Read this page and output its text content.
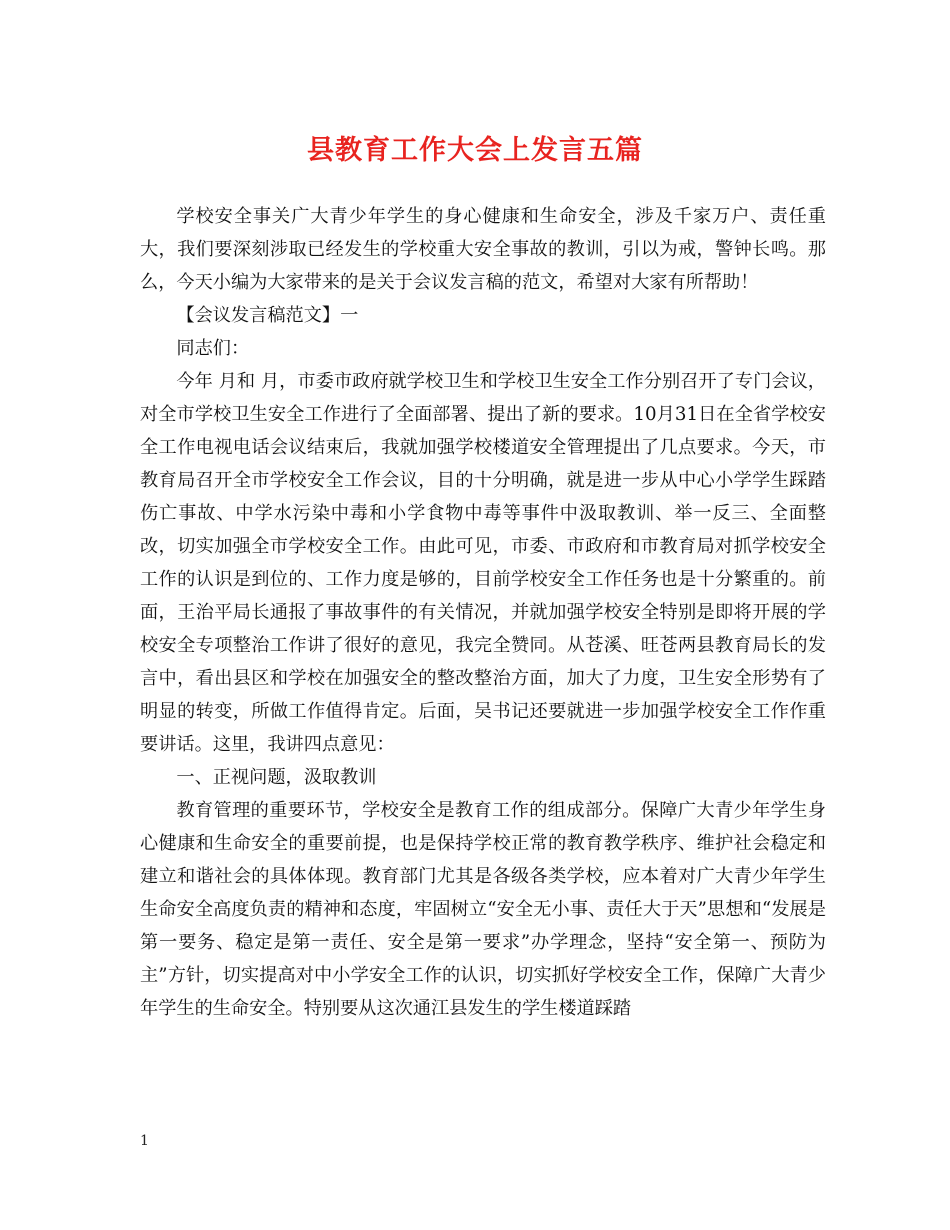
县教育工作大会上发言五篇

学校安全事关广大青少年学生的身心健康和生命安全，涉及千家万户、责任重大，我们要深刻涉取已经发生的学校重大安全事故的教训，引以为戒，警钟长鸣。那么，今天小编为大家带来的是关于会议发言稿的范文，希望对大家有所帮助！

【会议发言稿范文】一

同志们：

今年 月和 月，市委市政府就学校卫生和学校卫生安全工作分别召开了专门会议，对全市学校卫生安全工作进行了全面部署、提出了新的要求。10月31日在全省学校安全工作电视电话会议结束后，我就加强学校楼道安全管理提出了几点要求。今天，市教育局召开全市学校安全工作会议，目的十分明确，就是进一步从中心小学学生踩踏伤亡事故、中学水污染中毒和小学食物中毒等事件中汲取教训、举一反三、全面整改，切实加强全市学校安全工作。由此可见，市委、市政府和市教育局对抓学校安全工作的认识是到位的、工作力度是够的，目前学校安全工作任务也是十分繁重的。前面，王治平局长通报了事故事件的有关情况，并就加强学校安全特别是即将开展的学校安全专项整治工作讲了很好的意见，我完全赞同。从苍溪、旺苍两县教育局长的发言中，看出县区和学校在加强安全的整改整治方面，加大了力度，卫生安全形势有了明显的转变，所做工作值得肯定。后面，吴书记还要就进一步加强学校安全工作作重要讲话。这里，我讲四点意见：

一、正视问题，汲取教训

教育管理的重要环节，学校安全是教育工作的组成部分。保障广大青少年学生身心健康和生命安全的重要前提，也是保持学校正常的教育教学秩序、维护社会稳定和建立和谐社会的具体体现。教育部门尤其是各级各类学校，应本着对广大青少年学生生命安全高度负责的精神和态度，牢固树立“安全无小事、责任大于天”思想和“发展是第一要务、稳定是第一责任、安全是第一要求”办学理念，坚持“安全第一、预防为主”方针，切实提高对中小学安全工作的认识，切实抓好学校安全工作，保障广大青少年学生的生命安全。特别要从这次通江县发生的学生楼道踩踏

1
